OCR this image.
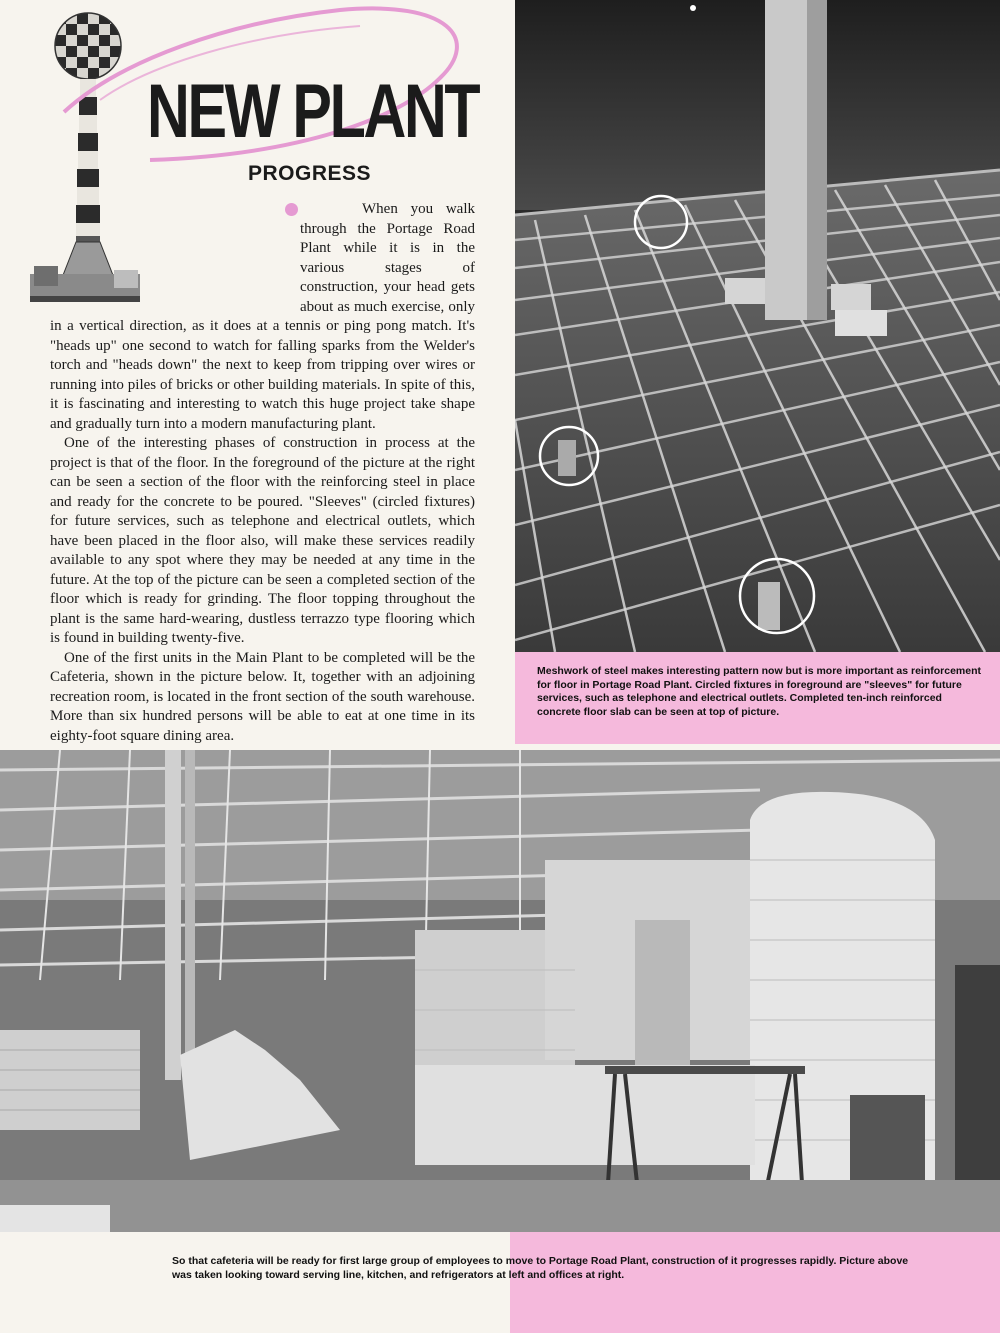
NEW PLANT
PROGRESS

When you walk through the Portage Road Plant while it is in the various stages of construction, your head gets about as much exercise, only in a vertical direction, as it does at a tennis or ping pong match. It's "heads up" one second to watch for falling sparks from the Welder's torch and "heads down" the next to keep from tripping over wires or running into piles of bricks or other building materials. In spite of this, it is fascinating and interesting to watch this huge project take shape and gradually turn into a modern manufacturing plant.

One of the interesting phases of construction in process at the project is that of the floor. In the foreground of the picture at the right can be seen a section of the floor with the reinforcing steel in place and ready for the concrete to be poured. "Sleeves" (circled fixtures) for future services, such as telephone and electrical outlets, which have been placed in the floor also, will make these services readily available to any spot where they may be needed at any time in the future. At the top of the picture can be seen a completed section of the floor which is ready for grinding. The floor topping throughout the plant is the same hard-wearing, dustless terrazzo type flooring which is found in building twenty-five.

One of the first units in the Main Plant to be completed will be the Cafeteria, shown in the picture below. It, together with an adjoining recreation room, is located in the front section of the south warehouse. More than six hundred persons will be able to eat at one time in its eighty-foot square dining area.

Meshwork of steel makes interesting pattern now but is more important as reinforcement for floor in Portage Road Plant. Circled fixtures in foreground are "sleeves" for future services, such as telephone and electrical outlets. Completed ten-inch reinforced concrete floor slab can be seen at top of picture.

So that cafeteria will be ready for first large group of employees to move to Portage Road Plant, construction of it progresses rapidly. Picture above was taken looking toward serving line, kitchen, and refrigerators at left and offices at right.
